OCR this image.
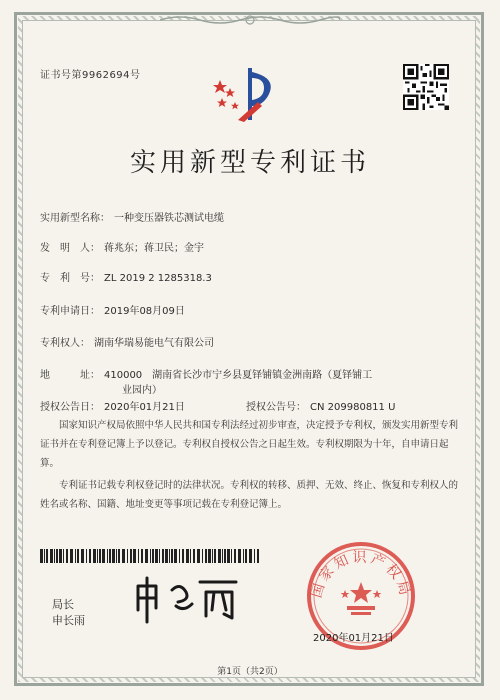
证书号第9962694号
实用新型专利证书
实用新型名称： 一种变压器铁芯测试电缆
发　明　人： 蒋兆东；蒋卫民；金宇
专　利　号： ZL 2019 2 1285318.3
专利申请日： 2019年08月09日
专利权人： 湖南华瑞易能电气有限公司
地　　　址： 410000　湖南省长沙市宁乡县夏铎铺镇金洲南路（夏铎铺工
业园内）
授权公告日： 2020年01月21日	授权公告号： CN 209980811 U
国家知识产权局依照中华人民共和国专利法经过初步审查，决定授予专利权，颁发实用新型专利证书并在专利登记簿上予以登记。专利权自授权公告之日起生效。专利权期限为十年，自申请日起算。
专利证书记载专利权登记时的法律状况。专利权的转移、质押、无效、终止、恢复和专利权人的姓名或名称、国籍、地址变更等事项记载在专利登记簿上。
局长
申长雨
国家知识产权局
2020年01月21日
第1页（共2页）
